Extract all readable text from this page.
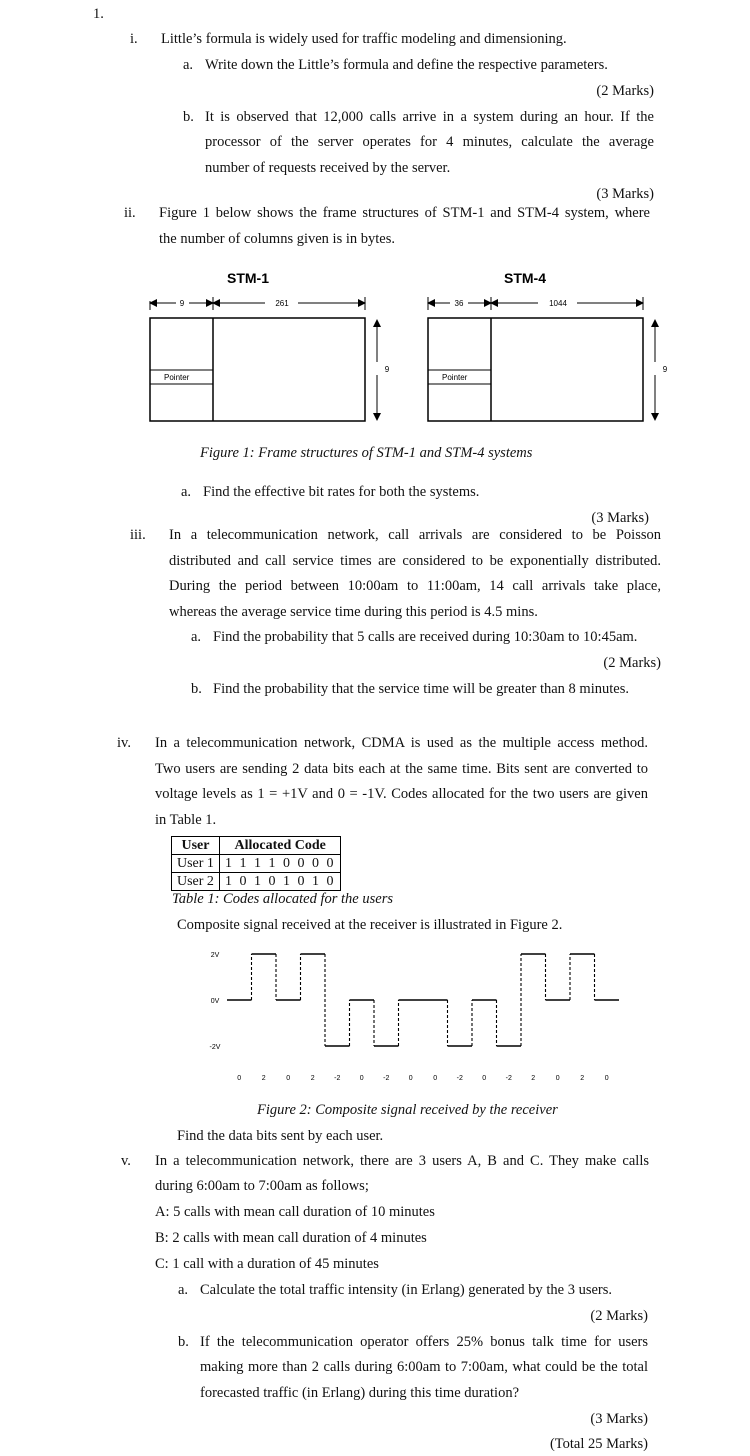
1.
i. Little’s formula is widely used for traffic modeling and dimensioning.
a. Write down the Little’s formula and define the respective parameters.
(2 Marks)
b. It is observed that 12,000 calls arrive in a system during an hour. If the
processor of the server operates for 4 minutes, calculate the average
number of requests received by the server.
(3 Marks)
ii. Figure 1 below shows the frame structures of STM-1 and STM-4 system, where
the number of columns given is in bytes.
STM-1
9	261
Pointer
9
STM-4
36	1044
Pointer
9
Figure 1: Frame structures of STM-1 and STM-4 systems
a. Find the effective bit rates for both the systems.
(3 Marks)
iii. In a telecommunication network, call arrivals are considered to be Poisson
distributed and call service times are considered to be exponentially distributed.
During the period between 10:00am to 11:00am, 14 call arrivals take place,
whereas the average service time during this period is 4.5 mins.
a. Find the probability that 5 calls are received during 10:30am to 10:45am.
(2 Marks)
b. Find the probability that the service time will be greater than 8 minutes.
iv. In a telecommunication network, CDMA is used as the multiple access method.
Two users are sending 2 data bits each at the same time. Bits sent are converted to
voltage levels as 1 = +1V and 0 = -1V. Codes allocated for the two users are given
in Table 1.
User	Allocated Code
User 1	1 1 1 1 0 0 0 0
User 2	1 0 1 0 1 0 1 0
Table 1: Codes allocated for the users
Composite signal received at the receiver is illustrated in Figure 2.
2V
0V
-2V
0	2	0	2	-2	0	-2	0	0	-2	0	-2	2	0	2	0
Figure 2: Composite signal received by the receiver
Find the data bits sent by each user.
v. In a telecommunication network, there are 3 users A, B and C. They make calls
during 6:00am to 7:00am as follows;
A: 5 calls with mean call duration of 10 minutes
B: 2 calls with mean call duration of 4 minutes
C: 1 call with a duration of 45 minutes
a. Calculate the total traffic intensity (in Erlang) generated by the 3 users.
(2 Marks)
b. If the telecommunication operator offers 25% bonus talk time for users
making more than 2 calls during 6:00am to 7:00am, what could be the total
forecasted traffic (in Erlang) during this time duration?
(3 Marks)
(Total 25 Marks)
